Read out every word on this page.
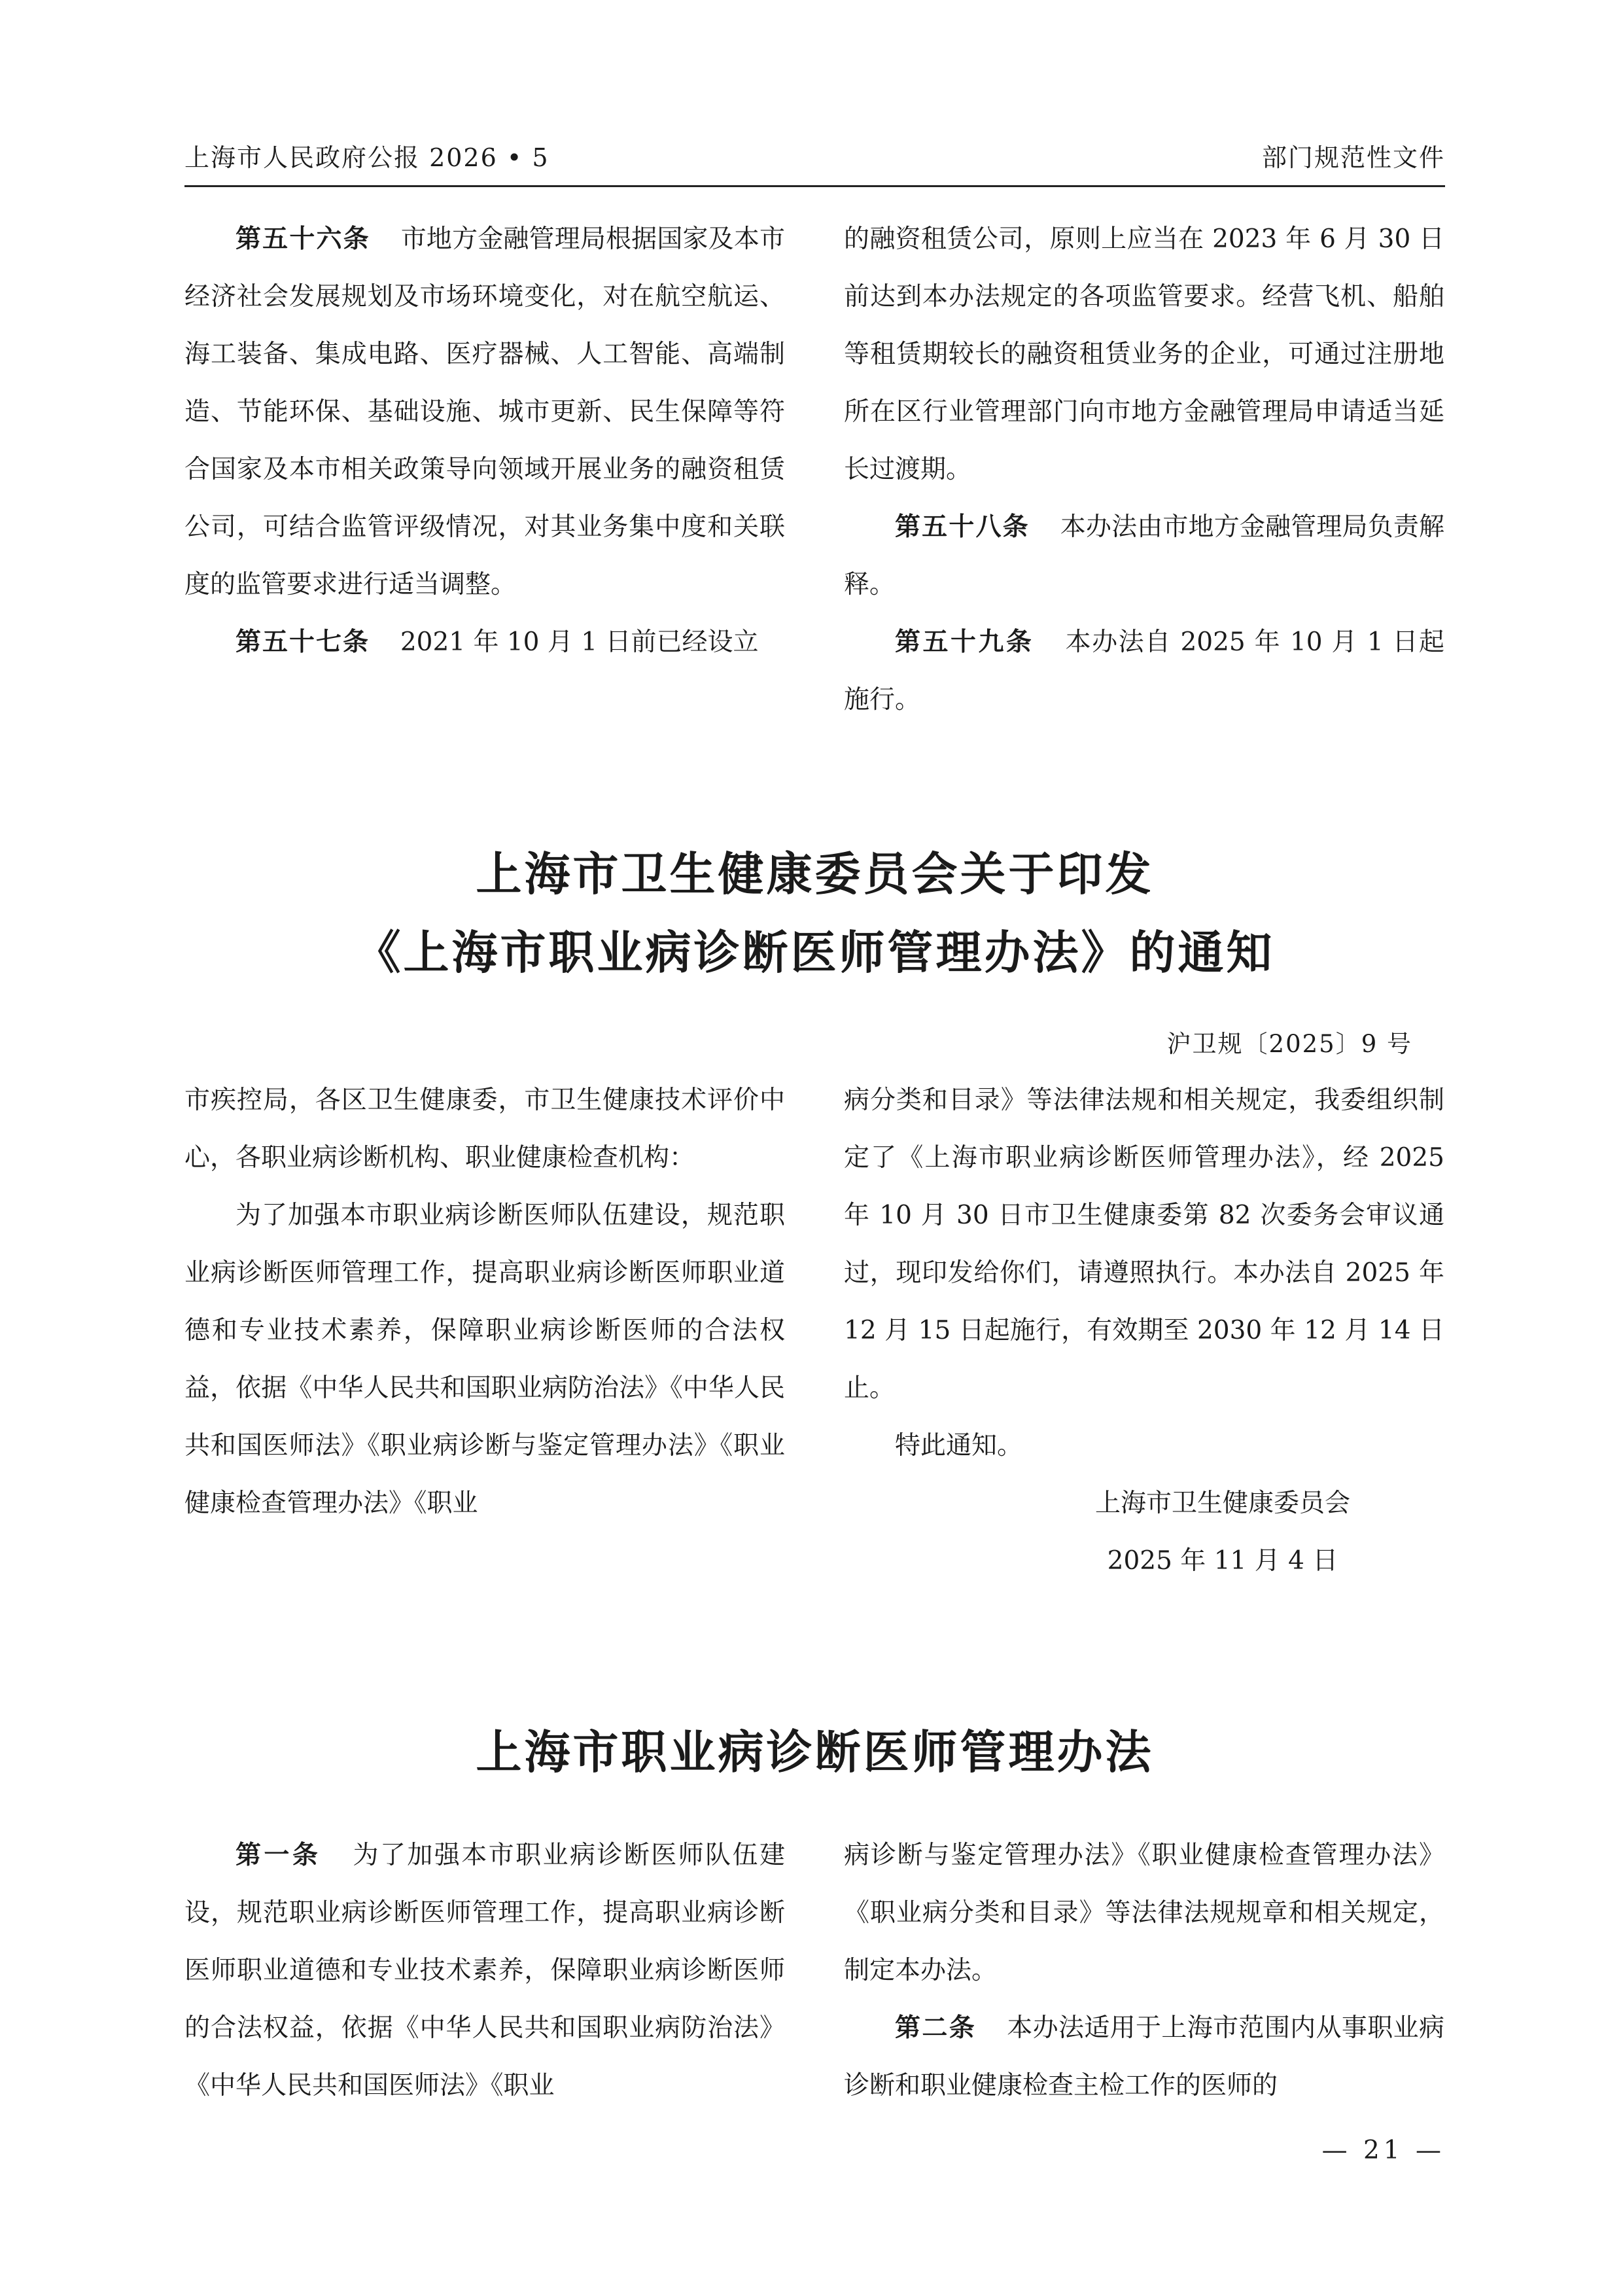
上海市人民政府公报 2026 • 5	部门规范性文件

第五十六条 市地方金融管理局根据国家及本市经济社会发展规划及市场环境变化，对在航空航运、海工装备、集成电路、医疗器械、人工智能、高端制造、节能环保、基础设施、城市更新、民生保障等符合国家及本市相关政策导向领域开展业务的融资租赁公司，可结合监管评级情况，对其业务集中度和关联度的监管要求进行适当调整。

第五十七条 2021 年 10 月 1 日前已经设立

的融资租赁公司，原则上应当在 2023 年 6 月 30 日前达到本办法规定的各项监管要求。经营飞机、船舶等租赁期较长的融资租赁业务的企业，可通过注册地所在区行业管理部门向市地方金融管理局申请适当延长过渡期。

第五十八条 本办法由市地方金融管理局负责解释。

第五十九条 本办法自 2025 年 10 月 1 日起施行。

上海市卫生健康委员会关于印发
《上海市职业病诊断医师管理办法》的通知
沪卫规〔2025〕9 号

市疾控局，各区卫生健康委，市卫生健康技术评价中心，各职业病诊断机构、职业健康检查机构：

为了加强本市职业病诊断医师队伍建设，规范职业病诊断医师管理工作，提高职业病诊断医师职业道德和专业技术素养，保障职业病诊断医师的合法权益，依据《中华人民共和国职业病防治法》《中华人民共和国医师法》《职业病诊断与鉴定管理办法》《职业健康检查管理办法》《职业

病分类和目录》等法律法规和相关规定，我委组织制定了《上海市职业病诊断医师管理办法》，经 2025 年 10 月 30 日市卫生健康委第 82 次委务会审议通过，现印发给你们，请遵照执行。本办法自 2025 年 12 月 15 日起施行，有效期至 2030 年 12 月 14 日止。

特此通知。

上海市卫生健康委员会

2025 年 11 月 4 日

上海市职业病诊断医师管理办法

第一条 为了加强本市职业病诊断医师队伍建设，规范职业病诊断医师管理工作，提高职业病诊断医师职业道德和专业技术素养，保障职业病诊断医师的合法权益，依据《中华人民共和国职业病防治法》《中华人民共和国医师法》《职业

病诊断与鉴定管理办法》《职业健康检查管理办法》《职业病分类和目录》等法律法规规章和相关规定，制定本办法。

第二条 本办法适用于上海市范围内从事职业病诊断和职业健康检查主检工作的医师的

— 21 —
